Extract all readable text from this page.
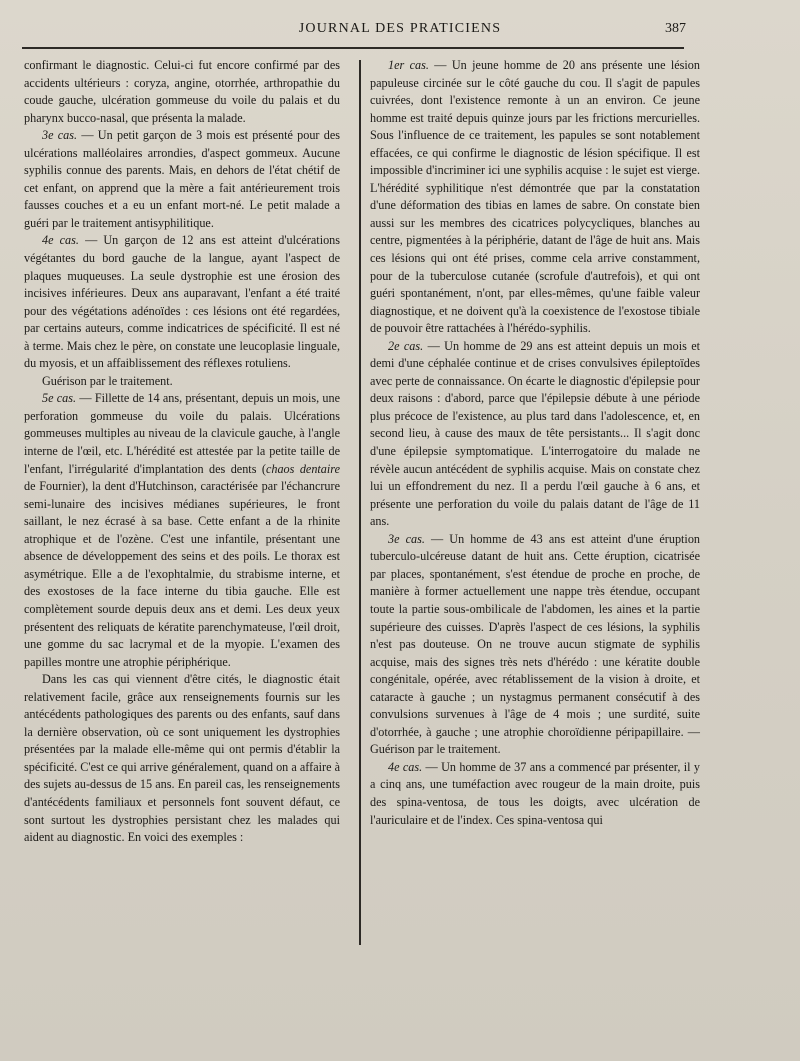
JOURNAL DES PRATICIENS	387

confirmant le diagnostic. Celui-ci fut encore confirmé par des accidents ultérieurs : coryza, angine, otorrhée, arthropathie du coude gauche, ulcération gommeuse du voile du palais et du pharynx bucco-nasal, que présenta la malade.

3e cas. — Un petit garçon de 3 mois est présenté pour des ulcérations malléolaires arrondies, d'aspect gommeux. Aucune syphilis connue des parents. Mais, en dehors de l'état chétif de cet enfant, on apprend que la mère a fait antérieurement trois fausses couches et a eu un enfant mort-né. Le petit malade a guéri par le traitement antisyphilitique.

4e cas. — Un garçon de 12 ans est atteint d'ulcérations végétantes du bord gauche de la langue, ayant l'aspect de plaques muqueuses. La seule dystrophie est une érosion des incisives inférieures. Deux ans auparavant, l'enfant a été traité pour des végétations adénoïdes : ces lésions ont été regardées, par certains auteurs, comme indicatrices de spécificité. Il est né à terme. Mais chez le père, on constate une leucoplasie linguale, du myosis, et un affaiblissement des réflexes rotuliens.

Guérison par le traitement.

5e cas. — Fillette de 14 ans, présentant, depuis un mois, une perforation gommeuse du voile du palais. Ulcérations gommeuses multiples au niveau de la clavicule gauche, à l'angle interne de l'œil, etc. L'hérédité est attestée par la petite taille de l'enfant, l'irrégularité d'implantation des dents (chaos dentaire de Fournier), la dent d'Hutchinson, caractérisée par l'échancrure semi-lunaire des incisives médianes supérieures, le front saillant, le nez écrasé à sa base. Cette enfant a de la rhinite atrophique et de l'ozène. C'est une infantile, présentant une absence de développement des seins et des poils. Le thorax est asymétrique. Elle a de l'exophtalmie, du strabisme interne, et des exostoses de la face interne du tibia gauche. Elle est complètement sourde depuis deux ans et demi. Les deux yeux présentent des reliquats de kératite parenchymateuse, l'œil droit, une gomme du sac lacrymal et de la myopie. L'examen des papilles montre une atrophie périphérique.

Dans les cas qui viennent d'être cités, le diagnostic était relativement facile, grâce aux renseignements fournis sur les antécédents pathologiques des parents ou des enfants, sauf dans la dernière observation, où ce sont uniquement les dystrophies présentées par la malade elle-même qui ont permis d'établir la spécificité. C'est ce qui arrive généralement, quand on a affaire à des sujets au-dessus de 15 ans. En pareil cas, les renseignements d'antécédents familiaux et personnels font souvent défaut, ce sont surtout les dystrophies persistant chez les malades qui aident au diagnostic. En voici des exemples :

1er cas. — Un jeune homme de 20 ans présente une lésion papuleuse circinée sur le côté gauche du cou. Il s'agit de papules cuivrées, dont l'existence remonte à un an environ. Ce jeune homme est traité depuis quinze jours par les frictions mercurielles. Sous l'influence de ce traitement, les papules se sont notablement effacées, ce qui confirme le diagnostic de lésion spécifique. Il est impossible d'incriminer ici une syphilis acquise : le sujet est vierge. L'hérédité syphilitique n'est démontrée que par la constatation d'une déformation des tibias en lames de sabre. On constate bien aussi sur les membres des cicatrices polycycliques, blanches au centre, pigmentées à la périphérie, datant de l'âge de huit ans. Mais ces lésions qui ont été prises, comme cela arrive constamment, pour de la tuberculose cutanée (scrofule d'autrefois), et qui ont guéri spontanément, n'ont, par elles-mêmes, qu'une faible valeur diagnostique, et ne doivent qu'à la coexistence de l'exostose tibiale de pouvoir être rattachées à l'hérédo-syphilis.

2e cas. — Un homme de 29 ans est atteint depuis un mois et demi d'une céphalée continue et de crises convulsives épileptoïdes avec perte de connaissance. On écarte le diagnostic d'épilepsie pour deux raisons : d'abord, parce que l'épilepsie débute à une période plus précoce de l'existence, au plus tard dans l'adolescence, et, en second lieu, à cause des maux de tête persistants... Il s'agit donc d'une épilepsie symptomatique. L'interrogatoire du malade ne révèle aucun antécédent de syphilis acquise. Mais on constate chez lui un effondrement du nez. Il a perdu l'œil gauche à 6 ans, et présente une perforation du voile du palais datant de l'âge de 11 ans.

3e cas. — Un homme de 43 ans est atteint d'une éruption tuberculo-ulcéreuse datant de huit ans. Cette éruption, cicatrisée par places, spontanément, s'est étendue de proche en proche, de manière à former actuellement une nappe très étendue, occupant toute la partie sous-ombilicale de l'abdomen, les aines et la partie supérieure des cuisses. D'après l'aspect de ces lésions, la syphilis n'est pas douteuse. On ne trouve aucun stigmate de syphilis acquise, mais des signes très nets d'hérédo : une kératite double congénitale, opérée, avec rétablissement de la vision à droite, et cataracte à gauche ; un nystagmus permanent consécutif à des convulsions survenues à l'âge de 4 mois ; une surdité, suite d'otorrhée, à gauche ; une atrophie choroïdienne péripapillaire. — Guérison par le traitement.

4e cas. — Un homme de 37 ans a commencé par présenter, il y a cinq ans, une tuméfaction avec rougeur de la main droite, puis des spina-ventosa, de tous les doigts, avec ulcération de l'auriculaire et de l'index. Ces spina-ventosa qui
